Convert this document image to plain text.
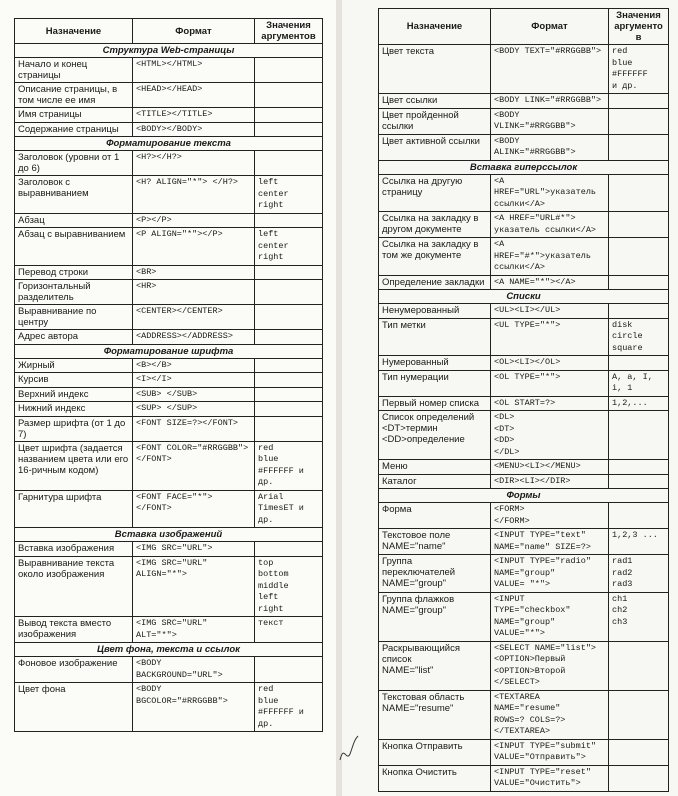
Назначение	Формат	Значения аргументов
Структура Web-страницы		
Начало и конец страницы	<HTML></HTML>	
Описание страницы, в том числе ее имя	<HEAD></HEAD>	
Имя страницы	<TITLE></TITLE>	
Содержание страницы	<BODY></BODY>	
Форматирование текста		
Заголовок (уровни от 1 до 6)	<H?></H?>	
Заголовок с выравниванием	<H? ALIGN="*"> </H?>	left
center
right
Абзац	<P></P>	
Абзац с выравниванием	<P ALIGN="*"></P>	left
center
right
Перевод строки	<BR>	
Горизонтальный разделитель	<HR>	
Выравнивание по центру	<CENTER></CENTER>	
Адрес автора	<ADDRESS></ADDRESS>	
Форматирование шрифта		
Жирный	<B></B>	
Курсив	<I></I>	
Верхний индекс	<SUB> </SUB>	
Нижний индекс	<SUP> </SUP>	
Размер шрифта (от 1 до 7)	<FONT SIZE=?></FONT>	
Цвет шрифта (задается названием цвета или его 16-ричным кодом)	<FONT COLOR="#RRGGBB">
</FONT>	red
blue
#FFFFFF и др.
Гарнитура шрифта	<FONT FACE="*">
</FONT>	Arial
TimesET и др.
Вставка изображений		
Вставка изображения	<IMG SRC="URL">	
Выравнивание текста около изображения	<IMG SRC="URL"
ALIGN="*">	top
bottom
middle
left
right
Вывод текста вместо изображения	<IMG SRC="URL" ALT="*">	текст
Цвет фона, текста и ссылок		
Фоновое изображение	<BODY BACKGROUND="URL">	
Цвет фона	<BODY BGCOLOR="#RRGGBB">	red
blue
#FFFFFF и др.
Назначение	Формат	Значения аргументов
Цвет текста	<BODY TEXT="#RRGGBB">	red
blue
#FFFFFF
и др.
Цвет ссылки	<BODY LINK="#RRGGBB">	
Цвет пройденной ссылки	<BODY VLINK="#RRGGBB">	
Цвет активной ссылки	<BODY ALINK="#RRGGBB">	
Вставка гиперссылок		
Ссылка на другую страницу	<A HREF="URL">указатель
ссылки</A>	
Ссылка на закладку в другом документе	<A HREF="URL#*">
указатель ссылки</A>	
Ссылка на закладку в том же документе	<A HREF="#*">указатель
ссылки</A>	
Определение закладки	<A NAME="*"></A>	
Списки		
Ненумерованный	<UL><LI></UL>	
Тип метки	<UL TYPE="*">	disk
circle
square
Нумерованный	<OL><LI></OL>	
Тип нумерации	<OL TYPE="*">	A, a, I, i, 1
Первый номер списка	<OL START=?>	1,2,...
Список определений
<DT>термин
<DD>определение	<DL>
<DT>
<DD>
</DL>	
Меню	<MENU><LI></MENU>	
Каталог	<DIR><LI></DIR>	
Формы		
Форма	<FORM>
</FORM>	
Текстовое поле
NAME="name"	<INPUT TYPE="text"
NAME="name" SIZE=?>	1,2,3 ...
Группа переключателей
NAME="group"	<INPUT TYPE="radio"
NAME="group"
VALUE= "*">	rad1
rad2
rad3
Группа флажков
NAME="group"	<INPUT TYPE="checkbox"
NAME="group" VALUE="*">	ch1
ch2
ch3
Раскрывающийся список
NAME="list"	<SELECT NAME="list">
<OPTION>Первый
<OPTION>Второй
</SELECT>	
Текстовая область
NAME="resume"	<TEXTAREA NAME="resume"
ROWS=? COLS=?>
</TEXTAREA>	
Кнопка Отправить	<INPUT TYPE="submit"
VALUE="Отправить">	
Кнопка Очистить	<INPUT TYPE="reset"
VALUE="Очистить">	
